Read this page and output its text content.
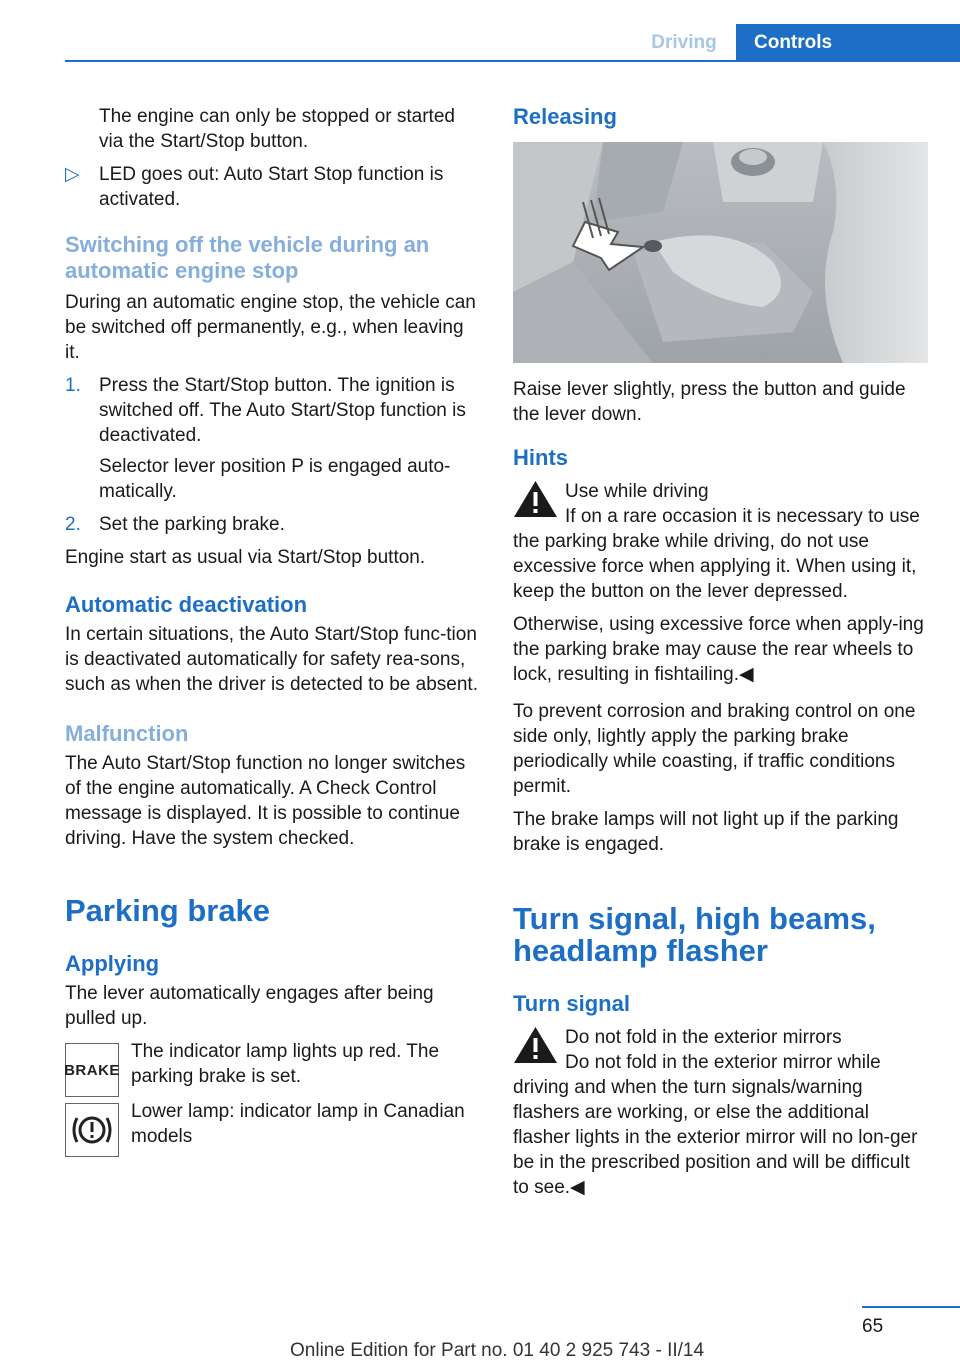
Driving	Controls

The engine can only be stopped or started via the Start/Stop button.

▷ LED goes out: Auto Start Stop function is activated.

Switching off the vehicle during an automatic engine stop

During an automatic engine stop, the vehicle can be switched off permanently, e.g., when leaving it.

1. Press the Start/Stop button. The ignition is switched off. The Auto Start/Stop function is deactivated.

Selector lever position P is engaged auto‐matically.

2. Set the parking brake.

Engine start as usual via Start/Stop button.

Automatic deactivation

In certain situations, the Auto Start/Stop func‐tion is deactivated automatically for safety rea‐sons, such as when the driver is detected to be absent.

Malfunction

The Auto Start/Stop function no longer switches of the engine automatically. A Check Control message is displayed. It is possible to continue driving. Have the system checked.

Parking brake
Applying

The lever automatically engages after being pulled up.

BRAKE

The indicator lamp lights up red. The parking brake is set.

Lower lamp: indicator lamp in Canadian models

Releasing

Raise lever slightly, press the button and guide the lever down.

Hints

Use while driving

If on a rare occasion it is necessary to use the parking brake while driving, do not use excessive force when applying it. When using it, keep the button on the lever depressed.

Otherwise, using excessive force when apply‐ing the parking brake may cause the rear wheels to lock, resulting in fishtailing.◀

To prevent corrosion and braking control on one side only, lightly apply the parking brake periodically while coasting, if traffic conditions permit.

The brake lamps will not light up if the parking brake is engaged.

Turn signal, high beams, headlamp flasher
Turn signal

Do not fold in the exterior mirrors

Do not fold in the exterior mirror while driving and when the turn signals/warning flashers are working, or else the additional flasher lights in the exterior mirror will no lon‐ger be in the prescribed position and will be difficult to see.◀

65
Online Edition for Part no. 01 40 2 925 743 - II/14
